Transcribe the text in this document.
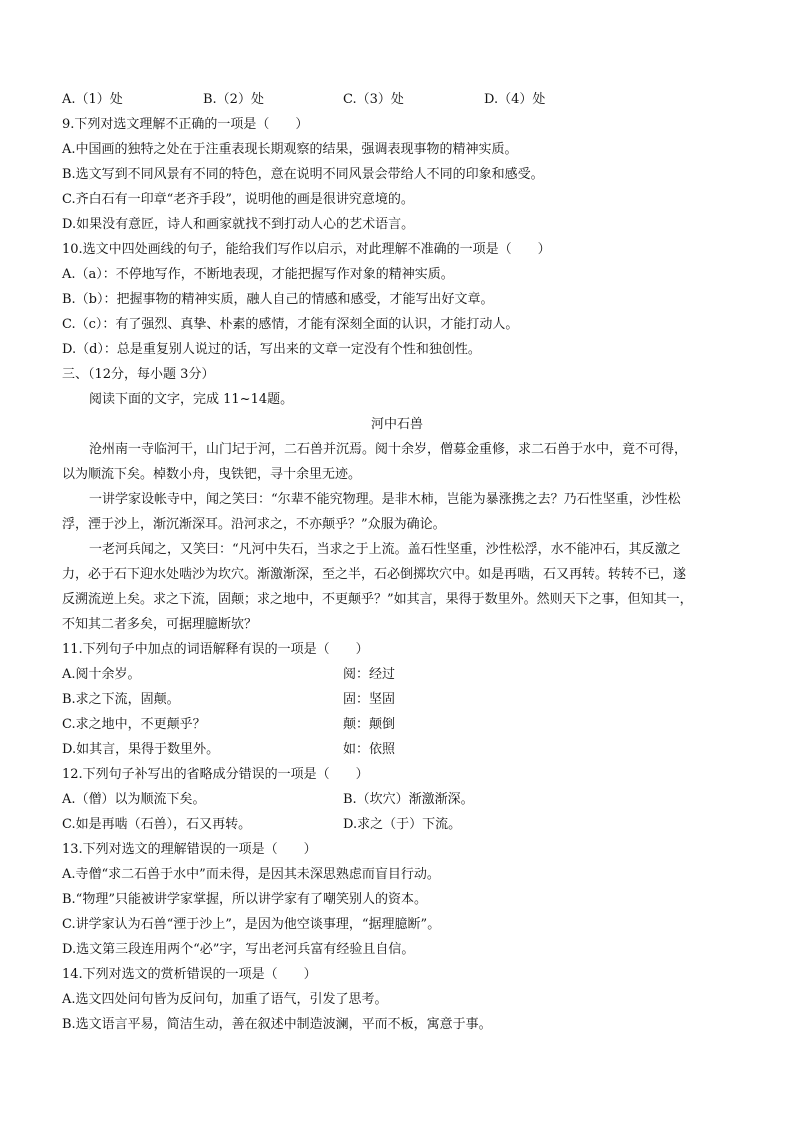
A.（1）处	B.（2）处	C.（3）处	D.（4）处
9.下列对选文理解不正确的一项是（　　）
A.中国画的独特之处在于注重表现长期观察的结果，强调表现事物的精神实质。
B.选文写到不同风景有不同的特色，意在说明不同风景会带给人不同的印象和感受。
C.齐白石有一印章“老齐手段”，说明他的画是很讲究意境的。
D.如果没有意匠，诗人和画家就找不到打动人心的艺术语言。
10.选文中四处画线的句子，能给我们写作以启示，对此理解不准确的一项是（　　）
A.（a）：不停地写作，不断地表现，才能把握写作对象的精神实质。
B.（b）：把握事物的精神实质，融人自己的情感和感受，才能写出好文章。
C.（c）：有了强烈、真挚、朴素的感情，才能有深刻全面的认识，才能打动人。
D.（d）：总是重复别人说过的话，写出来的文章一定没有个性和独创性。
三、（12分，每小题 3分）
阅读下面的文字，完成 11~14题。
河中石兽
沧州南一寺临河干，山门圮于河，二石兽并沉焉。阅十余岁，僧募金重修，求二石兽于水中，竟不可得，
以为顺流下矣。棹数小舟，曳铁钯，寻十余里无迹。
一讲学家设帐寺中，闻之笑曰：“尔辈不能究物理。是非木柿，岂能为暴涨携之去？乃石性坚重，沙性松
浮，湮于沙上，渐沉渐深耳。沿河求之，不亦颠乎？”众服为确论。
一老河兵闻之，又笑曰：“凡河中失石，当求之于上流。盖石性坚重，沙性松浮，水不能冲石，其反激之
力，必于石下迎水处啮沙为坎穴。渐激渐深，至之半，石必倒掷坎穴中。如是再啮，石又再转。转转不已，遂
反溯流逆上矣。求之下流，固颠；求之地中，不更颠乎？”如其言，果得于数里外。然则天下之事，但知其一，
不知其二者多矣，可据理臆断欤？
11.下列句子中加点的词语解释有误的一项是（　　）
A.阅十余岁。	阅：经过
B.求之下流，固颠。	固：坚固
C.求之地中，不更颠乎？	颠：颠倒
D.如其言，果得于数里外。	如：依照
12.下列句子补写出的省略成分错误的一项是（　　）
A.（僧）以为顺流下矣。	B.（坎穴）渐激渐深。
C.如是再啮（石兽），石又再转。	D.求之（于）下流。
13.下列对选文的理解错误的一项是（　　）
A.寺僧“求二石兽于水中”而未得，是因其未深思熟虑而盲目行动。
B.“物理”只能被讲学家掌握，所以讲学家有了嘲笑别人的资本。
C.讲学家认为石兽“湮于沙上”，是因为他空谈事理，“据理臆断”。
D.选文第三段连用两个“必”字，写出老河兵富有经验且自信。
14.下列对选文的赏析错误的一项是（　　）
A.选文四处问句皆为反问句，加重了语气，引发了思考。
B.选文语言平易，简洁生动，善在叙述中制造波澜，平而不板，寓意于事。
